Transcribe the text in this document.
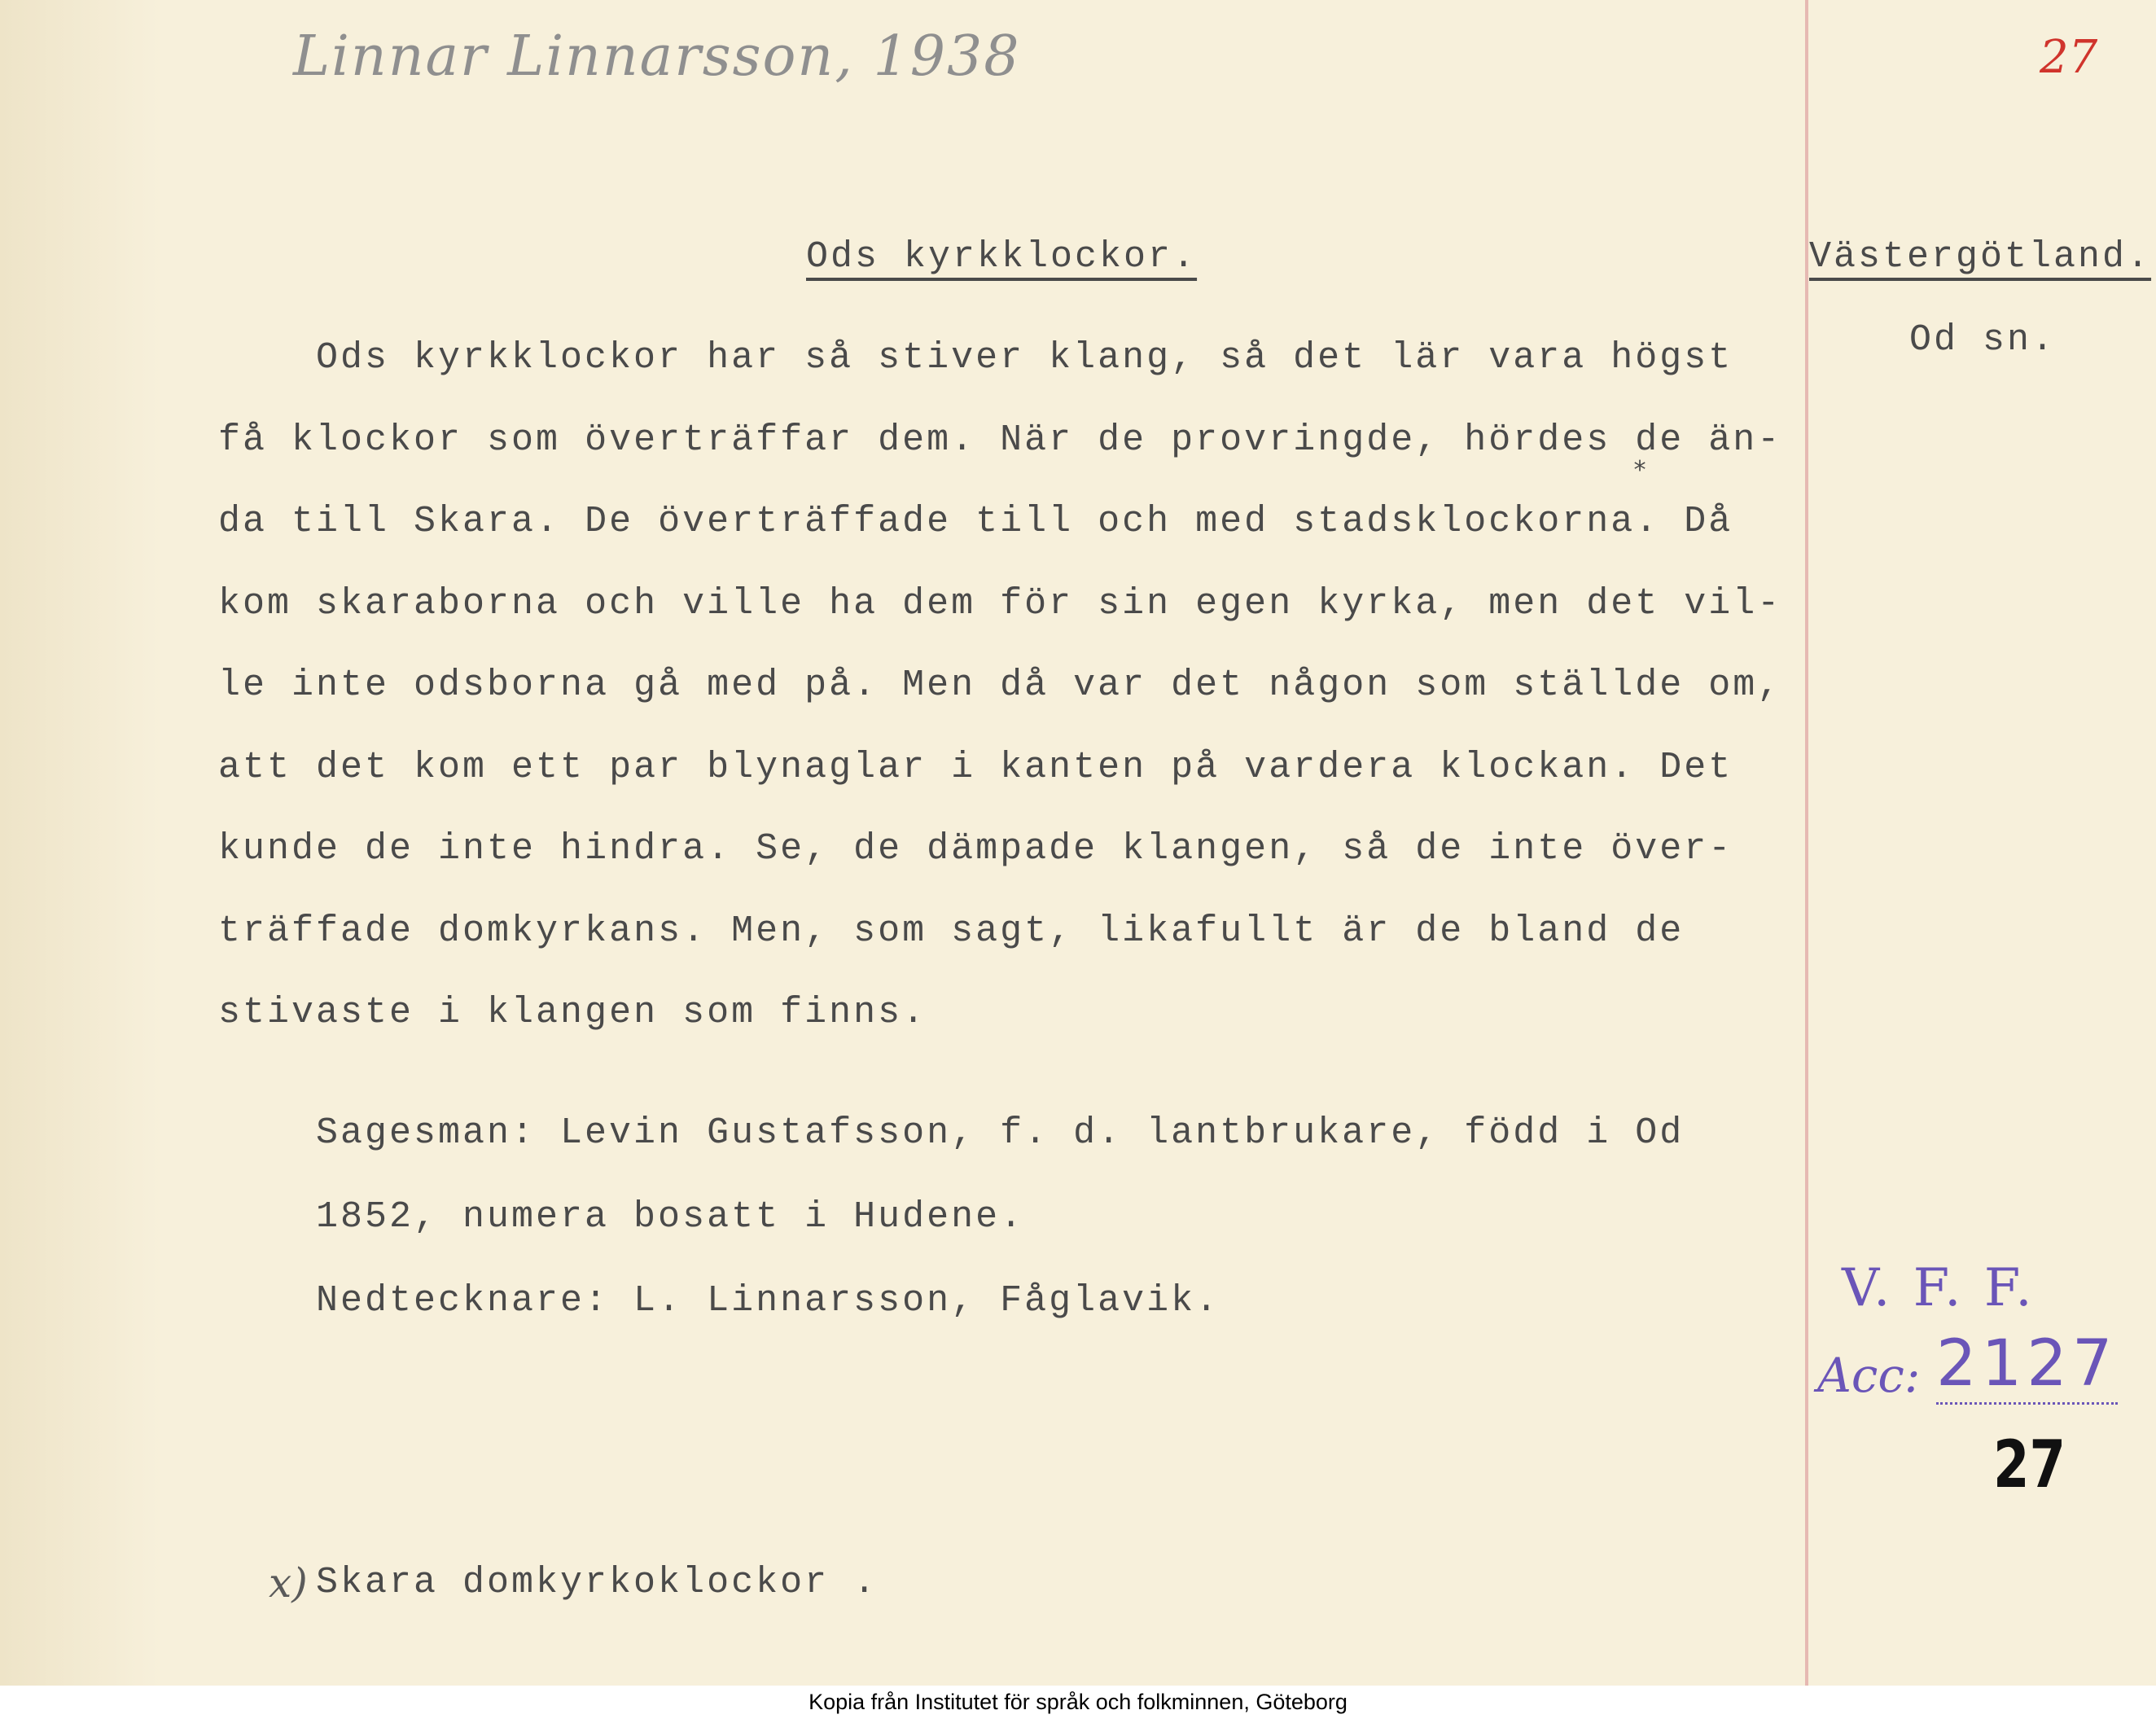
Linnar Linnarsson, 1938	27
Ods kyrkklockor.	Västergötland.
Od sn.
*
Ods kyrkklockor har så stiver klang, så det lär vara högst
få klockor som överträffar dem. När de provringde, hördes de än-
da till Skara. De överträffade till och med stadsklockorna. Då
kom skaraborna och ville ha dem för sin egen kyrka, men det vil-
le inte odsborna gå med på. Men då var det någon som ställde om,
att det kom ett par blynaglar i kanten på vardera klockan. Det
kunde de inte hindra. Se, de dämpade klangen, så de inte över-
träffade domkyrkans. Men, som sagt, likafullt är de bland de
stivaste i klangen som finns.
Sagesman: Levin Gustafsson, f. d. lantbrukare, född i Od
1852, numera bosatt i Hudene.
Nedtecknare: L. Linnarsson, Fåglavik.	V. F. F.
Acc: 2127
27
x) Skara domkyrkoklockor .
Kopia från Institutet för språk och folkminnen, Göteborg
